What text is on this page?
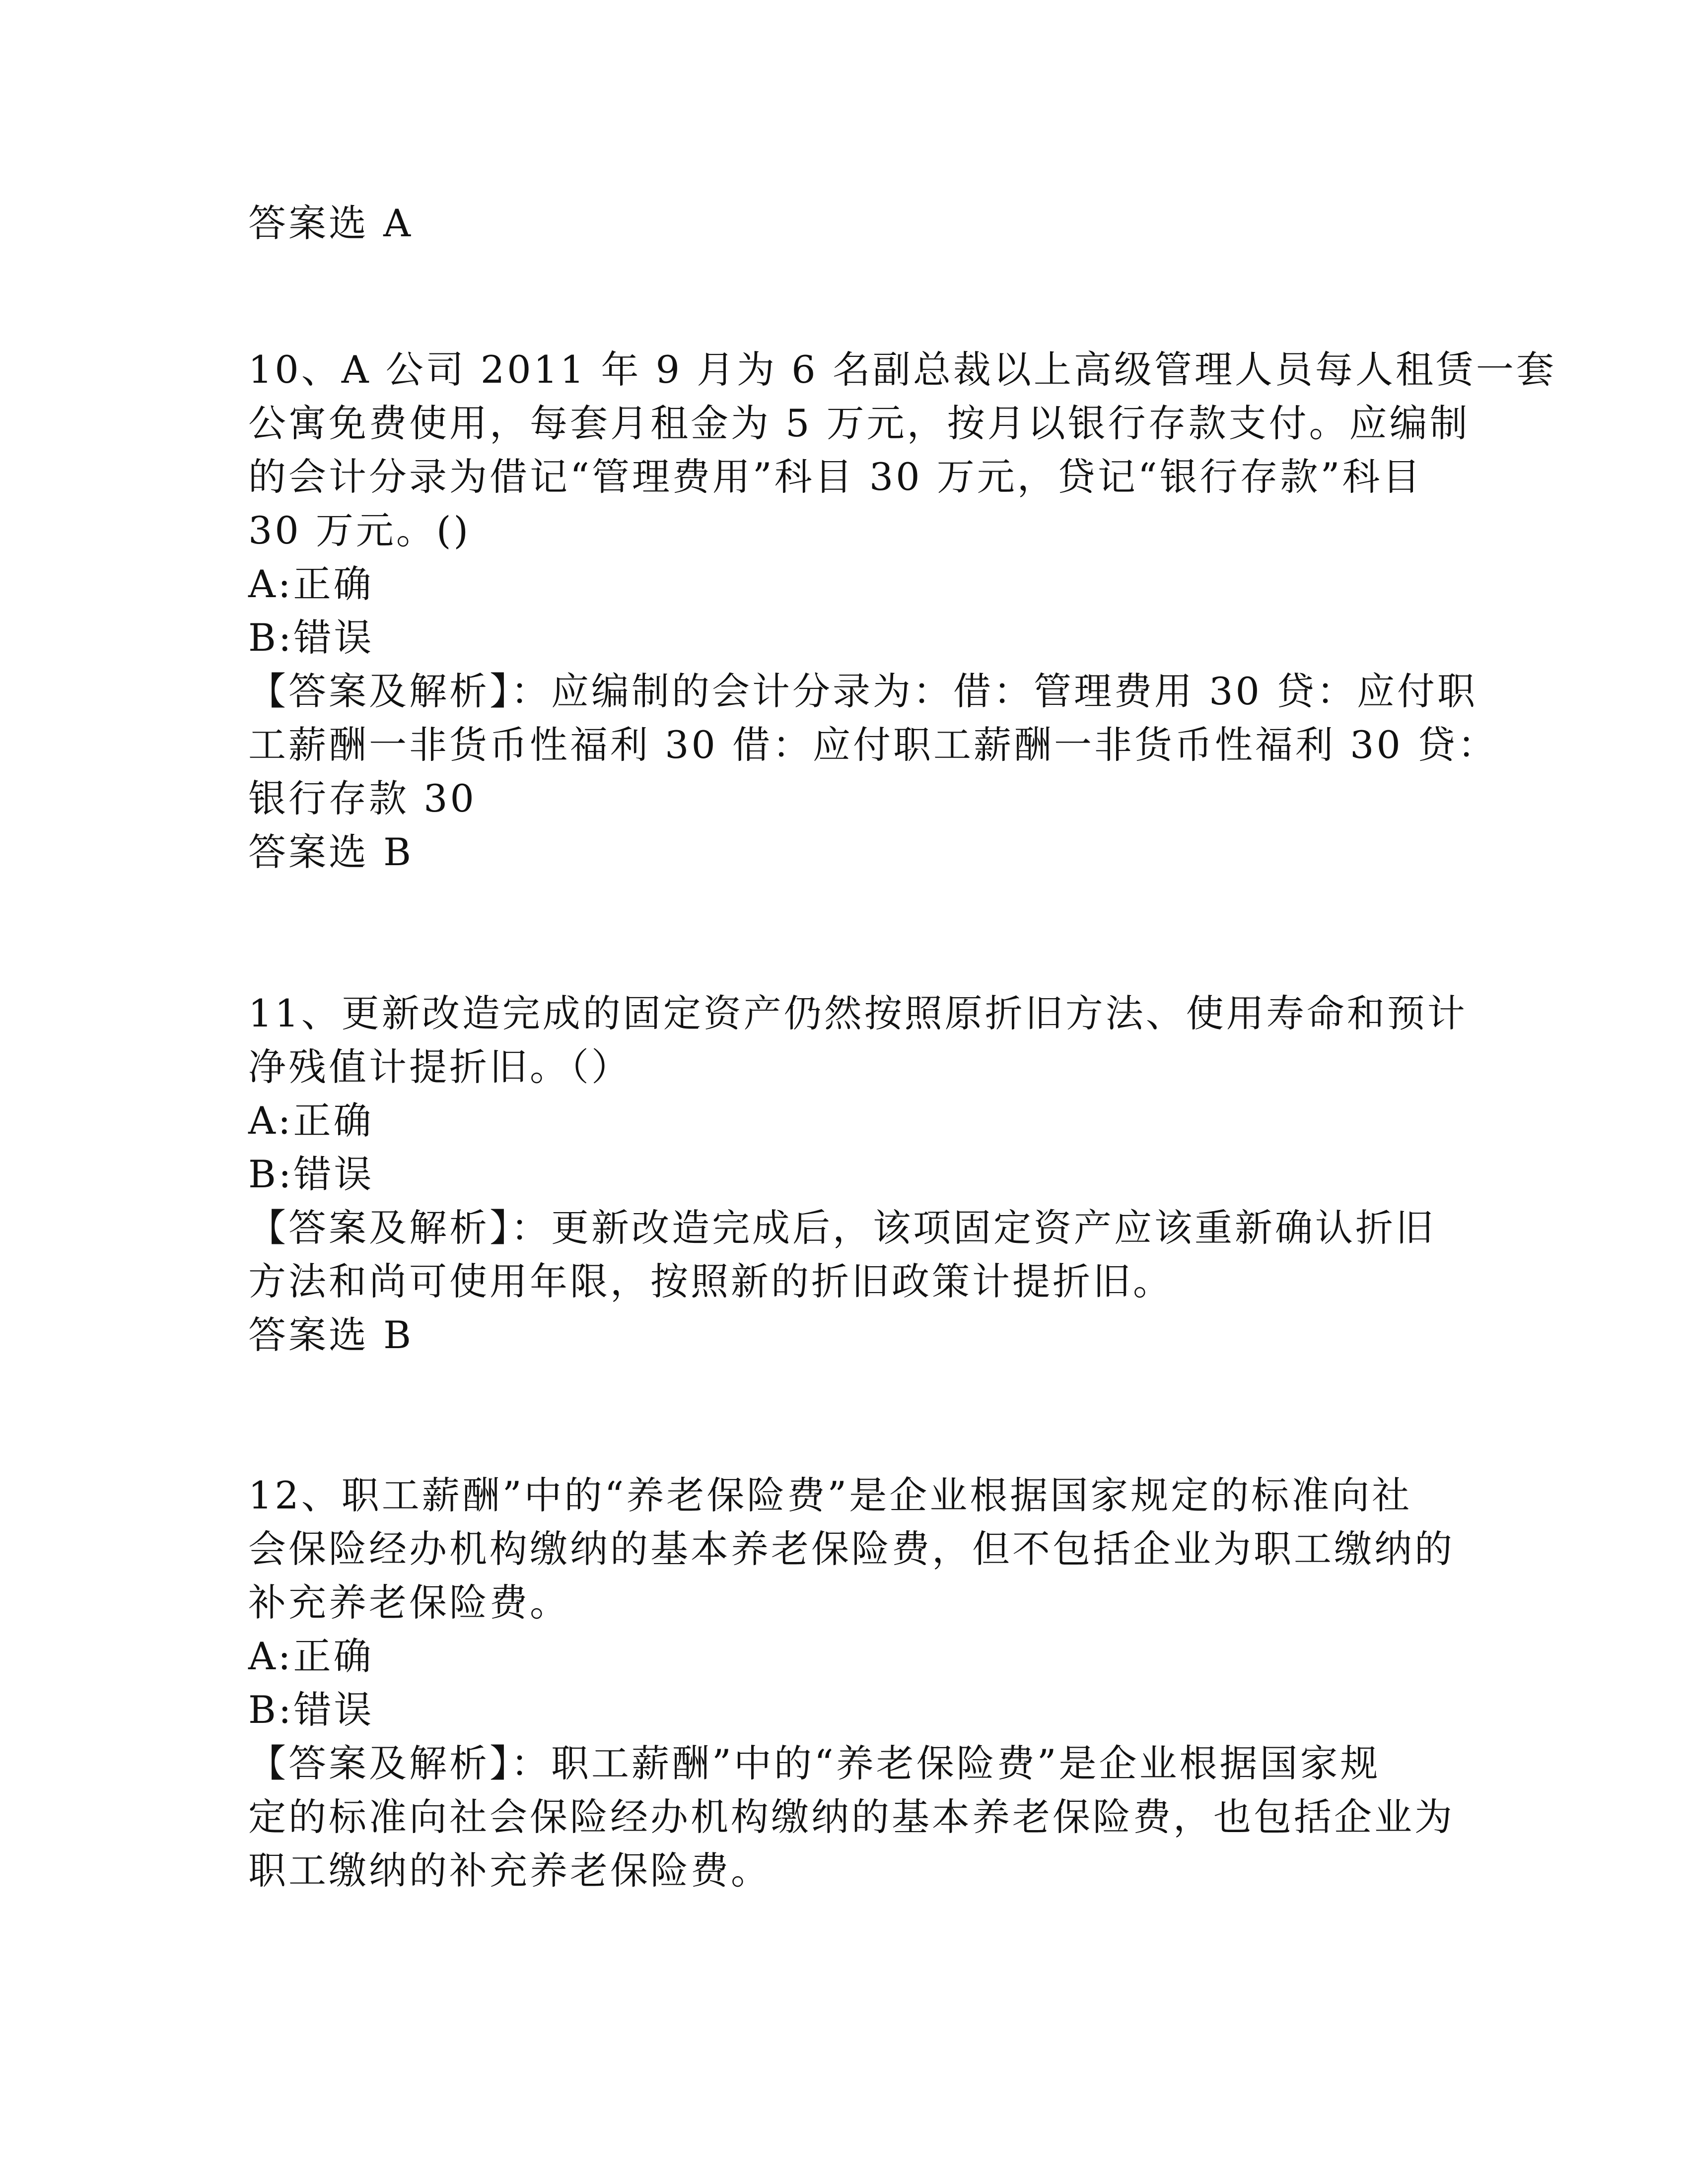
答案选 A
10、A 公司 2011 年 9 月为 6 名副总裁以上高级管理人员每人租赁一套
公寓免费使用，每套月租金为 5 万元，按月以银行存款支付。应编制
的会计分录为借记“管理费用”科目 30 万元，贷记“银行存款”科目
30 万元。()
A:正确
B:错误
【答案及解析】：应编制的会计分录为：借：管理费用 30 贷：应付职
工薪酬一非货币性福利 30 借：应付职工薪酬一非货币性福利 30 贷：
银行存款 30
答案选 B
11、更新改造完成的固定资产仍然按照原折旧方法、使用寿命和预计
净残值计提折旧。（）
A:正确
B:错误
【答案及解析】：更新改造完成后，该项固定资产应该重新确认折旧
方法和尚可使用年限，按照新的折旧政策计提折旧。
答案选 B
12、职工薪酬”中的“养老保险费”是企业根据国家规定的标准向社
会保险经办机构缴纳的基本养老保险费，但不包括企业为职工缴纳的
补充养老保险费。
A:正确
B:错误
【答案及解析】：职工薪酬”中的“养老保险费”是企业根据国家规
定的标准向社会保险经办机构缴纳的基本养老保险费，也包括企业为
职工缴纳的补充养老保险费。
